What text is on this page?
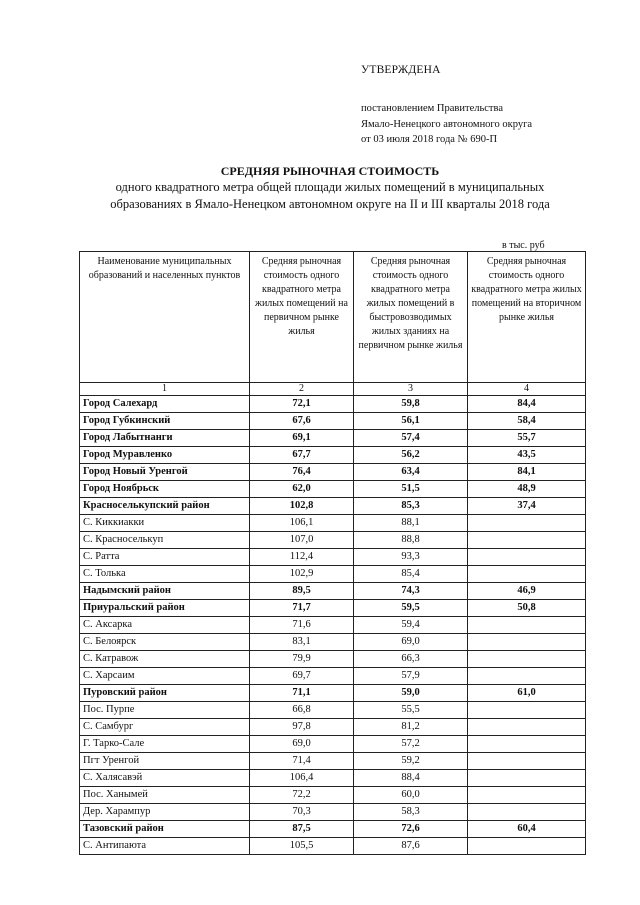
УТВЕРЖДЕНА
постановлением Правительства
Ямало-Ненецкого автономного округа
от 03 июля 2018 года № 690-П
СРЕДНЯЯ РЫНОЧНАЯ СТОИМОСТЬ
одного квадратного метра общей площади жилых помещений в муниципальных
образованиях в Ямало-Ненецком автономном округе на II и III кварталы 2018 года
в тыс. руб
Наименование муниципальных образований и населенных пунктов	Средняя рыночная стоимость одного квадратного метра жилых помещений на первичном рынке жилья	Средняя рыночная стоимость одного квадратного метра жилых помещений в быстровозводимых жилых зданиях на первичном рынке жилья	Средняя рыночная стоимость одного квадратного метра жилых помещений на вторичном рынке жилья
1	2	3	4
Город Салехард	72,1	59,8	84,4
Город Губкинский	67,6	56,1	58,4
Город Лабытнанги	69,1	57,4	55,7
Город Муравленко	67,7	56,2	43,5
Город Новый Уренгой	76,4	63,4	84,1
Город Ноябрьск	62,0	51,5	48,9
Красноселькупский район	102,8	85,3	37,4
С. Киккиакки	106,1	88,1	
С. Красноселькуп	107,0	88,8	
С. Ратта	112,4	93,3	
С. Толька	102,9	85,4	
Надымский район	89,5	74,3	46,9
Приуральский район	71,7	59,5	50,8
С. Аксарка	71,6	59,4	
С. Белоярск	83,1	69,0	
С. Катравож	79,9	66,3	
С. Харсаим	69,7	57,9	
Пуровский район	71,1	59,0	61,0
Пос. Пурпе	66,8	55,5	
С. Самбург	97,8	81,2	
Г. Тарко-Сале	69,0	57,2	
Пгт Уренгой	71,4	59,2	
С. Халясавэй	106,4	88,4	
Пос. Ханымей	72,2	60,0	
Дер. Харампур	70,3	58,3	
Тазовский район	87,5	72,6	60,4
С. Антипаюта	105,5	87,6	
